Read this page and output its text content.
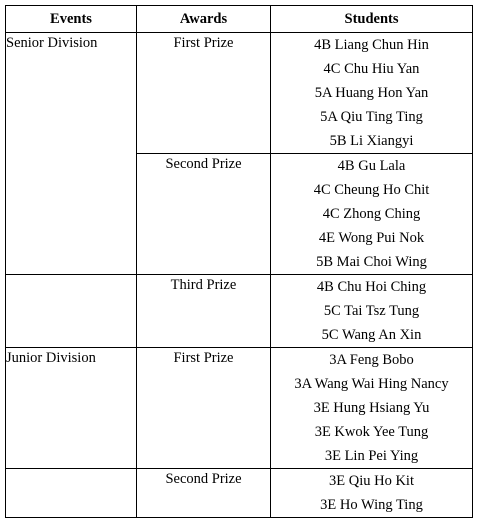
Events	Awards	Students

Senior Division	First Prize	4B Liang Chun Hin
4C Chu Hiu Yan
5A Huang Hon Yan
5A Qiu Ting Ting
5B Li Xiangyi

	Second Prize	4B Gu Lala
4C Cheung Ho Chit
4C Zhong Ching
4E Wong Pui Nok
5B Mai Choi Wing

	Third Prize	4B Chu Hoi Ching
5C Tai Tsz Tung
5C Wang An Xin

Junior Division	First Prize	3A Feng Bobo
3A Wang Wai Hing Nancy
3E Hung Hsiang Yu
3E Kwok Yee Tung
3E Lin Pei Ying

	Second Prize	3E Qiu Ho Kit
3E Ho Wing Ting
